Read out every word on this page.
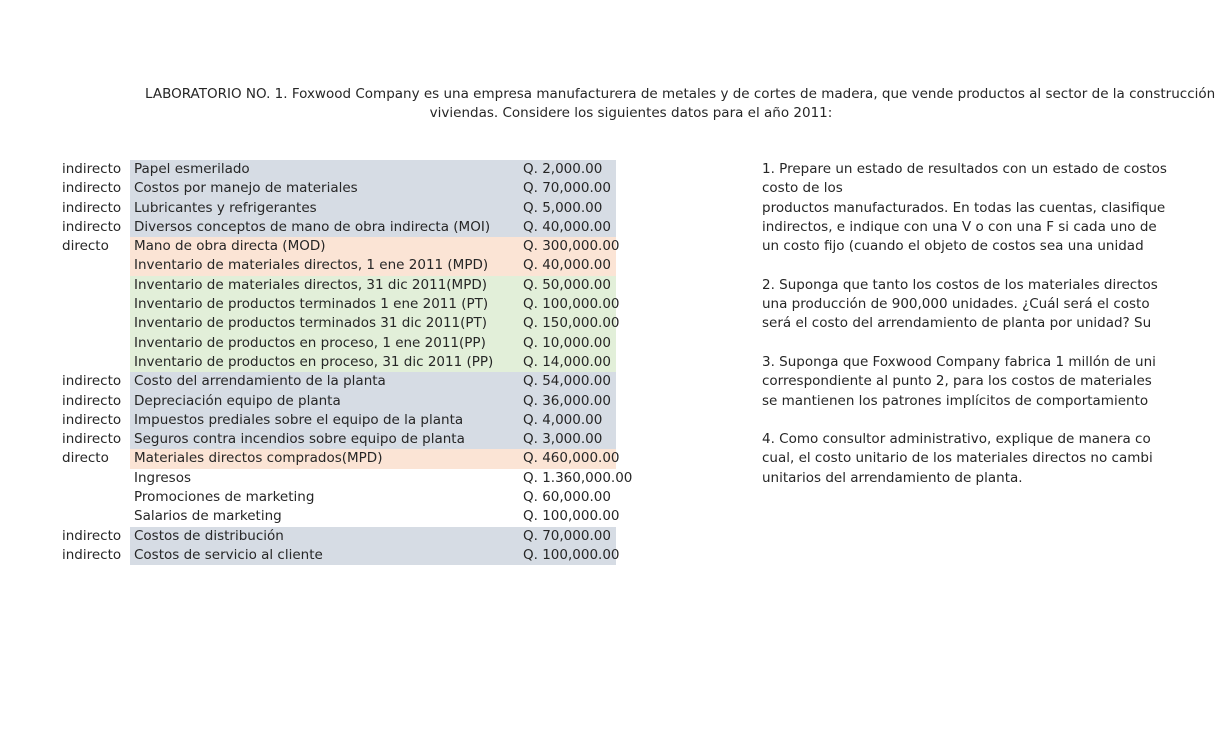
LABORATORIO NO. 1. Foxwood Company es una empresa manufacturera de metales y de cortes de madera, que vende productos al sector de la construcción
viviendas. Considere los siguientes datos para el año 2011:
indirecto Papel esmerilado	Q. 2,000.00
indirecto Costos por manejo de materiales	Q. 70,000.00
indirecto Lubricantes y refrigerantes	Q. 5,000.00
indirecto Diversos conceptos de mano de obra indirecta (MOI)	Q. 40,000.00
directo	Mano de obra directa (MOD)	Q. 300,000.00
Inventario de materiales directos, 1 ene 2011 (MPD)	Q. 40,000.00
Inventario de materiales directos, 31 dic 2011(MPD)	Q. 50,000.00
Inventario de productos terminados 1 ene 2011 (PT)	Q. 100,000.00
Inventario de productos terminados 31 dic 2011(PT)	Q. 150,000.00
Inventario de productos en proceso, 1 ene 2011(PP)	Q. 10,000.00
Inventario de productos en proceso, 31 dic 2011 (PP)	Q. 14,000.00
indirecto Costo del arrendamiento de la planta	Q. 54,000.00
indirecto Depreciación equipo de planta	Q. 36,000.00
indirecto Impuestos prediales sobre el equipo de la planta	Q. 4,000.00
indirecto Seguros contra incendios sobre equipo de planta	Q. 3,000.00
directo	Materiales directos comprados(MPD)	Q. 460,000.00
Ingresos	Q. 1.360,000.00
Promociones de marketing	Q. 60,000.00
Salarios de marketing	Q. 100,000.00
indirecto Costos de distribución	Q. 70,000.00
indirecto Costos de servicio al cliente	Q. 100,000.00
1. Prepare un estado de resultados con un estado de costos
costo de los
productos manufacturados. En todas las cuentas, clasifique
indirectos, e indique con una V o con una F si cada uno de
un costo fijo (cuando el objeto de costos sea una unidad
2. Suponga que tanto los costos de los materiales directos
una producción de 900,000 unidades. ¿Cuál será el costo
será el costo del arrendamiento de planta por unidad? Su
3. Suponga que Foxwood Company fabrica 1 millón de uni
correspondiente al punto 2, para los costos de materiales
se mantienen los patrones implícitos de comportamiento
4. Como consultor administrativo, explique de manera co
cual, el costo unitario de los materiales directos no cambi
unitarios del arrendamiento de planta.
